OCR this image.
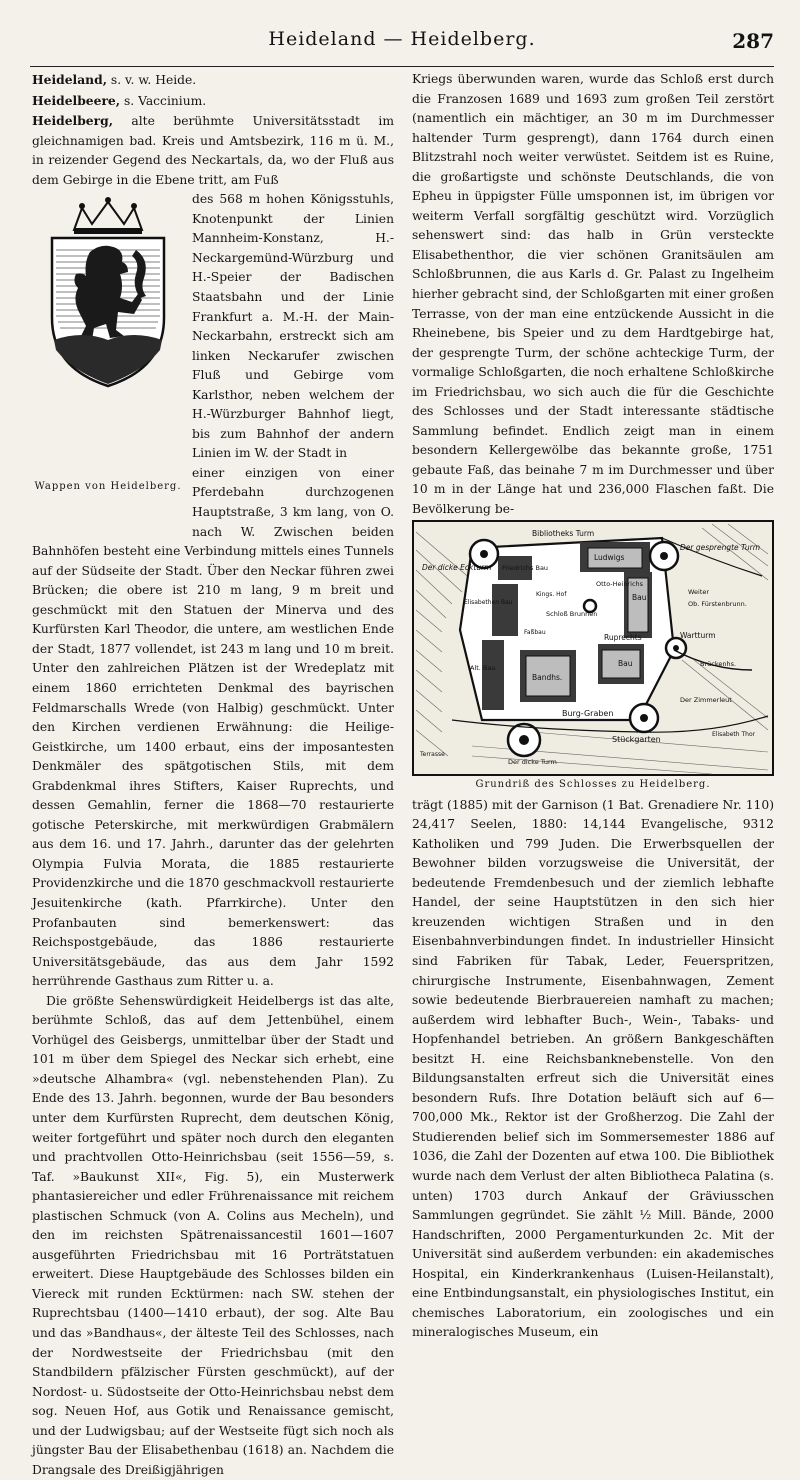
Heideland — Heidelberg.	287

Heideland, s. v. w. Heide.

Heidelbeere, s. Vaccinium.

Heidelberg, alte berühmte Universitätsstadt im gleichnamigen bad. Kreis und Amtsbezirk, 116 m ü. M., in reizender Gegend des Neckartals, da, wo der Fluß aus dem Gebirge in die Ebene tritt, am Fuß

Wappen von Heidelberg.

des 568 m hohen Königsstuhls, Knotenpunkt der Linien Mannheim-Konstanz, H.-Neckargemünd-Würzburg und H.-Speier der Badischen Staatsbahn und der Linie Frankfurt a. M.-H. der Main-Neckarbahn, erstreckt sich am linken Neckarufer zwischen Fluß und Gebirge vom Karlsthor, neben welchem der H.-Würzburger Bahnhof liegt, bis zum Bahnhof der andern Linien im W. der Stadt in

einer einzigen von einer Pferdebahn durchzogenen Hauptstraße, 3 km lang, von O. nach W. Zwischen beiden Bahnhöfen besteht eine Verbindung mittels eines Tunnels auf der Südseite der Stadt. Über den Neckar führen zwei Brücken; die obere ist 210 m lang, 9 m breit und geschmückt mit den Statuen der Minerva und des Kurfürsten Karl Theodor, die untere, am westlichen Ende der Stadt, 1877 vollendet, ist 243 m lang und 10 m breit. Unter den zahlreichen Plätzen ist der Wredeplatz mit einem 1860 errichteten Denkmal des bayrischen Feldmarschalls Wrede (von Halbig) geschmückt. Unter den Kirchen verdienen Erwähnung: die Heilige-Geistkirche, um 1400 erbaut, eins der imposantesten Denkmäler des spätgotischen Stils, mit dem Grabdenkmal ihres Stifters, Kaiser Ruprechts, und dessen Gemahlin, ferner die 1868—70 restaurierte gotische Peterskirche, mit merkwürdigen Grabmälern aus dem 16. und 17. Jahrh., darunter das der gelehrten Olympia Fulvia Morata, die 1885 restaurierte Providenzkirche und die 1870 geschmackvoll restaurierte Jesuitenkirche (kath. Pfarrkirche). Unter den Profanbauten sind bemerkenswert: das Reichspostgebäude, das 1886 restaurierte Universitätsgebäude, das aus dem Jahr 1592 herrührende Gasthaus zum Ritter u. a.

Die größte Sehenswürdigkeit Heidelbergs ist das alte, berühmte Schloß, das auf dem Jettenbühel, einem Vorhügel des Geisbergs, unmittelbar über der Stadt und 101 m über dem Spiegel des Neckar sich erhebt, eine »deutsche Alhambra« (vgl. nebenstehenden Plan). Zu Ende des 13. Jahrh. begonnen, wurde der Bau besonders unter dem Kurfürsten Ruprecht, dem deutschen König, weiter fortgeführt und später noch durch den eleganten und prachtvollen Otto-Heinrichsbau (seit 1556—59, s. Taf. »Baukunst XII«, Fig. 5), ein Musterwerk phantasiereicher und edler Frührenaissance mit reichem plastischen Schmuck (von A. Colins aus Mecheln), und den im reichsten Spätrenaissancestil 1601—1607 ausgeführten Friedrichsbau mit 16 Porträtstatuen erweitert. Diese Hauptgebäude des Schlosses bilden ein Viereck mit runden Ecktürmen: nach SW. stehen der Ruprechtsbau (1400—1410 erbaut), der sog. Alte Bau und das »Bandhaus«, der älteste Teil des Schlosses, nach der Nordwestseite der Friedrichsbau (mit den Standbildern pfälzischer Fürsten geschmückt), auf der Nordost- u. Südostseite der Otto-Heinrichsbau nebst dem sog. Neuen Hof, aus Gotik und Renaissance gemischt, und der Ludwigsbau; auf der Westseite fügt sich noch als jüngster Bau der Elisabethenbau (1618) an. Nachdem die Drangsale des Dreißigjährigen

Kriegs überwunden waren, wurde das Schloß erst durch die Franzosen 1689 und 1693 zum großen Teil zerstört (namentlich ein mächtiger, an 30 m im Durchmesser haltender Turm gesprengt), dann 1764 durch einen Blitzstrahl noch weiter verwüstet. Seitdem ist es Ruine, die großartigste und schönste Deutschlands, die von Epheu in üppigster Fülle umsponnen ist, im übrigen vor weiterm Verfall sorgfältig geschützt wird. Vorzüglich sehenswert sind: das halb in Grün versteckte Elisabethenthor, die vier schönen Granitsäulen am Schloßbrunnen, die aus Karls d. Gr. Palast zu Ingelheim hierher gebracht sind, der Schloßgarten mit einer großen Terrasse, von der man eine entzückende Aussicht in die Rheinebene, bis Speier und zu dem Hardtgebirge hat, der gesprengte Turm, der schöne achteckige Turm, der vormalige Schloßgarten, die noch erhaltene Schloßkirche im Friedrichsbau, wo sich auch die für die Geschichte des Schlosses und der Stadt interessante städtische Sammlung befindet. Endlich zeigt man in einem besondern Kellergewölbe das bekannte große, 1751 gebaute Faß, das beinahe 7 m im Durchmesser und über 10 m in der Länge hat und 236,000 Flaschen faßt. Die Bevölkerung be-

Bibliotheks Turm
Der gesprengte Turm
Der dicke Eckturm
Ludwigs
Bau
Otto-Heinrichs
Friedrichs Bau
Elisabethen Bau
Kings. Hof
Schloß Brunnen
Weiter
Ob. Fürstenbrunn.
Alt. Bau
Ruprechts
Bau
Wartturm
Brückenhs.
Bandhs.
Der Zimmerleut
Burg-Graben
Stückgarten
Elisabeth Thor
Der dicke Turm
Faßbau
Terrasse
Grundriß des Schlosses zu Heidelberg.

trägt (1885) mit der Garnison (1 Bat. Grenadiere Nr. 110) 24,417 Seelen, 1880: 14,144 Evangelische, 9312 Katholiken und 799 Juden. Die Erwerbsquellen der Bewohner bilden vorzugsweise die Universität, der bedeutende Fremdenbesuch und der ziemlich lebhafte Handel, der seine Hauptstützen in den sich hier kreuzenden wichtigen Straßen und in den Eisenbahnverbindungen findet. In industrieller Hinsicht sind Fabriken für Tabak, Leder, Feuerspritzen, chirurgische Instrumente, Eisenbahnwagen, Zement sowie bedeutende Bierbrauereien namhaft zu machen; außerdem wird lebhafter Buch-, Wein-, Tabaks- und Hopfenhandel betrieben. An größern Bankgeschäften besitzt H. eine Reichsbanknebenstelle. Von den Bildungsanstalten erfreut sich die Universität eines besondern Rufs. Ihre Dotation beläuft sich auf 6—700,000 Mk., Rektor ist der Großherzog. Die Zahl der Studierenden belief sich im Sommersemester 1886 auf 1036, die Zahl der Dozenten auf etwa 100. Die Bibliothek wurde nach dem Verlust der alten Bibliotheca Palatina (s. unten) 1703 durch Ankauf der Gräviusschen Sammlungen gegründet. Sie zählt ½ Mill. Bände, 2000 Handschriften, 2000 Pergamenturkunden 2c. Mit der Universität sind außerdem verbunden: ein akademisches Hospital, ein Kinderkrankenhaus (Luisen-Heilanstalt), eine Entbindungsanstalt, ein physiologisches Institut, ein chemisches Laboratorium, ein zoologisches und ein mineralogisches Museum, ein
